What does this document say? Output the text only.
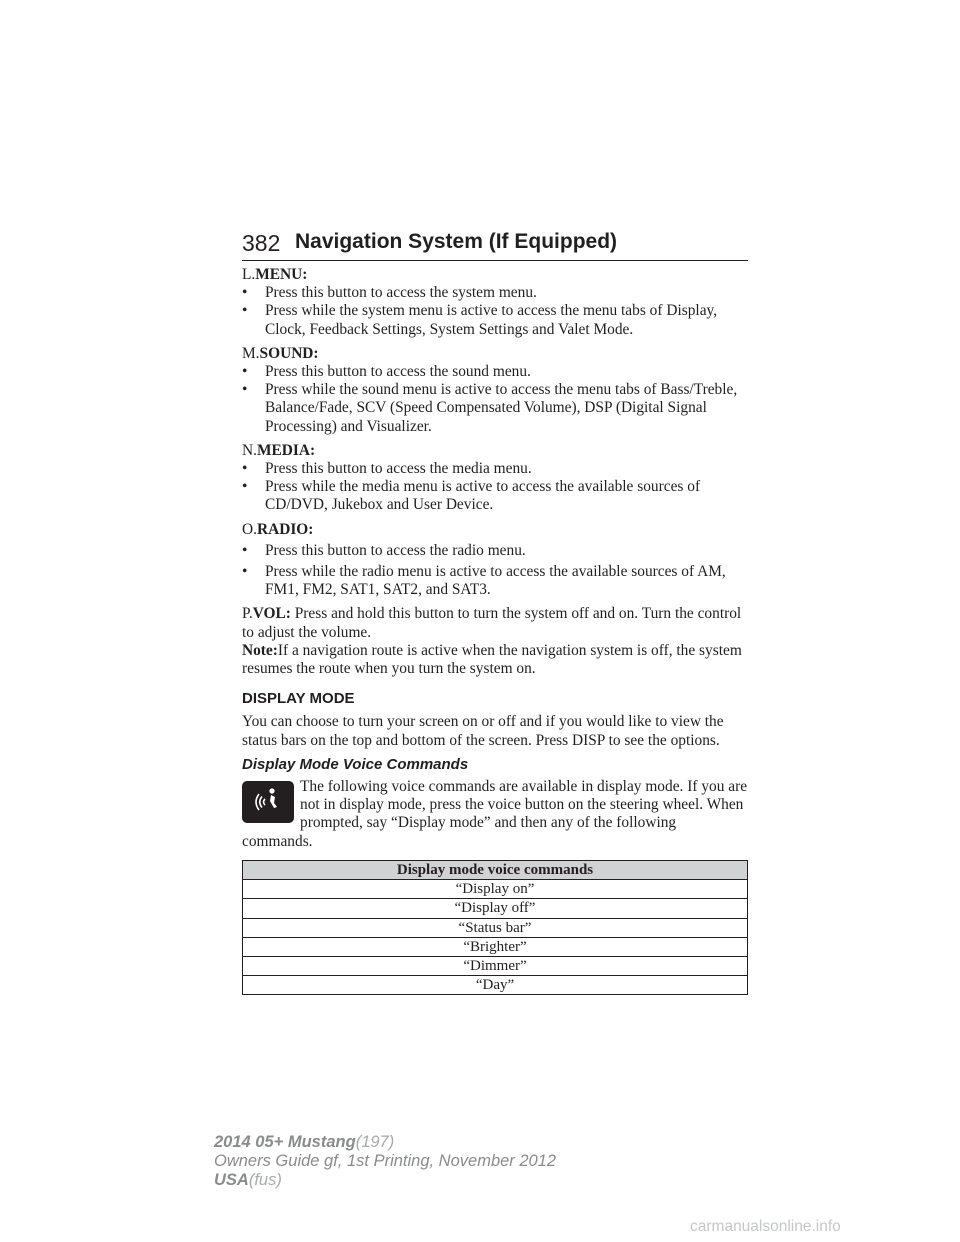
382 Navigation System (If Equipped)

L.MENU:

• Press this button to access the system menu.
• Press while the system menu is active to access the menu tabs of Display, Clock, Feedback Settings, System Settings and Valet Mode.

M.SOUND:

• Press this button to access the sound menu.
• Press while the sound menu is active to access the menu tabs of Bass/Treble, Balance/Fade, SCV (Speed Compensated Volume), DSP (Digital Signal Processing) and Visualizer.

N.MEDIA:

• Press this button to access the media menu.
• Press while the media menu is active to access the available sources of CD/DVD, Jukebox and User Device.

O.RADIO:

• Press this button to access the radio menu.
• Press while the radio menu is active to access the available sources of AM, FM1, FM2, SAT1, SAT2, and SAT3.

P.VOL: Press and hold this button to turn the system off and on. Turn the control to adjust the volume.

Note:If a navigation route is active when the navigation system is off, the system resumes the route when you turn the system on.

DISPLAY MODE

You can choose to turn your screen on or off and if you would like to view the status bars on the top and bottom of the screen. Press DISP to see the options.

Display Mode Voice Commands

The following voice commands are available in display mode. If you are not in display mode, press the voice button on the steering wheel. When prompted, say “Display mode” and then any of the following commands.

Display mode voice commands
“Display on”
“Display off”
“Status bar”
“Brighter”
“Dimmer”
“Day”
2014 05+ Mustang(197)
Owners Guide gf, 1st Printing, November 2012
USA(fus)
carmanualsonline.info
